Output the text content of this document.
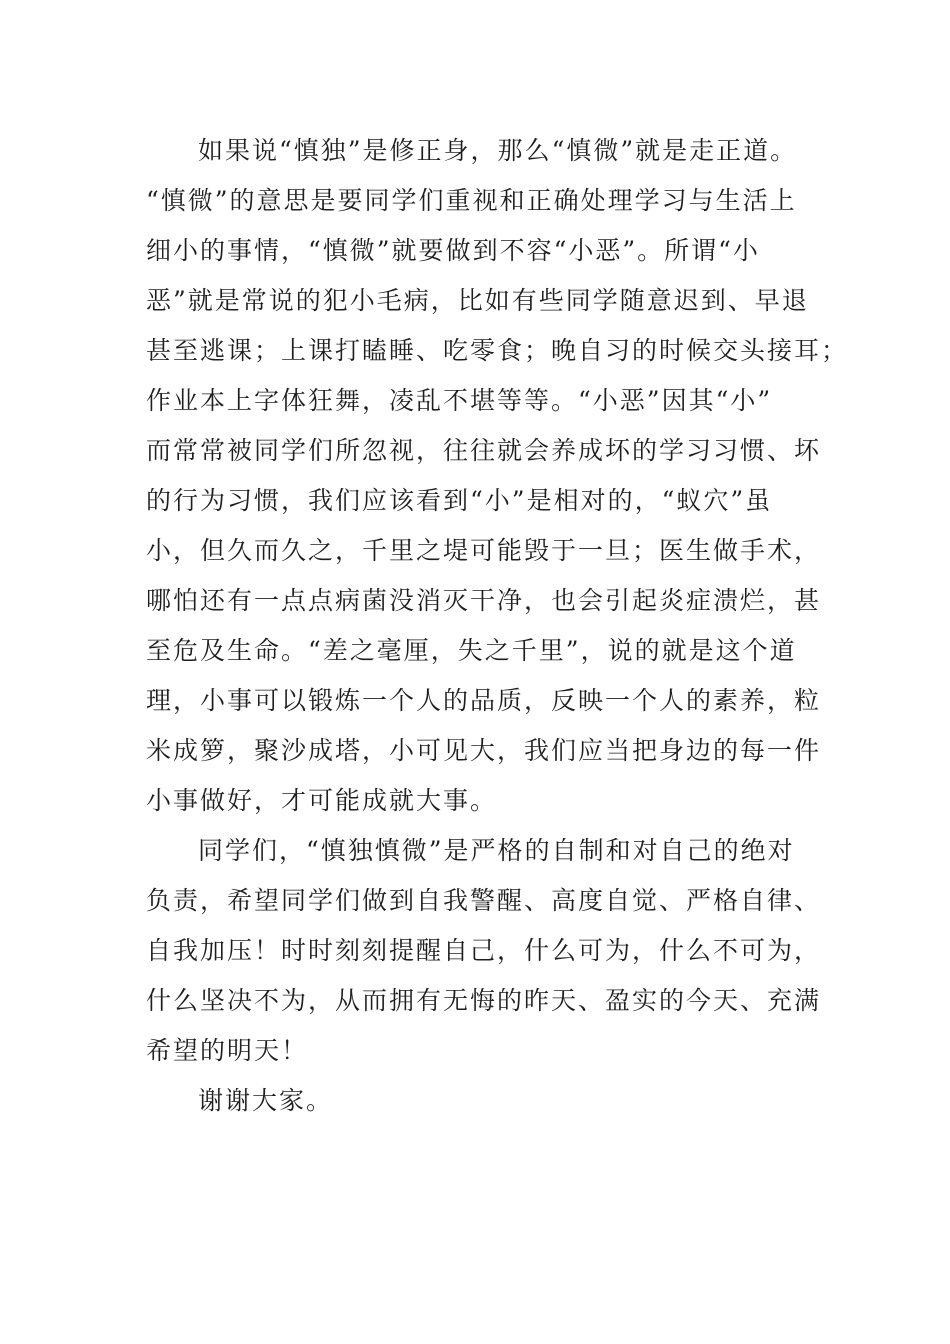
如果说“慎独”是修正身，那么“慎微”就是走正道。
“慎微”的意思是要同学们重视和正确处理学习与生活上
细小的事情，“慎微”就要做到不容“小恶”。所谓“小
恶”就是常说的犯小毛病，比如有些同学随意迟到、早退
甚至逃课；上课打瞌睡、吃零食；晚自习的时候交头接耳；
作业本上字体狂舞，凌乱不堪等等。“小恶”因其“小”
而常常被同学们所忽视，往往就会养成坏的学习习惯、坏
的行为习惯，我们应该看到“小”是相对的，“蚁穴”虽
小，但久而久之，千里之堤可能毁于一旦；医生做手术，
哪怕还有一点点病菌没消灭干净，也会引起炎症溃烂，甚
至危及生命。“差之毫厘，失之千里”，说的就是这个道
理，小事可以锻炼一个人的品质，反映一个人的素养，粒
米成箩，聚沙成塔，小可见大，我们应当把身边的每一件
小事做好，才可能成就大事。
同学们，“慎独慎微”是严格的自制和对自己的绝对
负责，希望同学们做到自我警醒、高度自觉、严格自律、
自我加压！时时刻刻提醒自己，什么可为，什么不可为，
什么坚决不为，从而拥有无悔的昨天、盈实的今天、充满
希望的明天！
谢谢大家。
